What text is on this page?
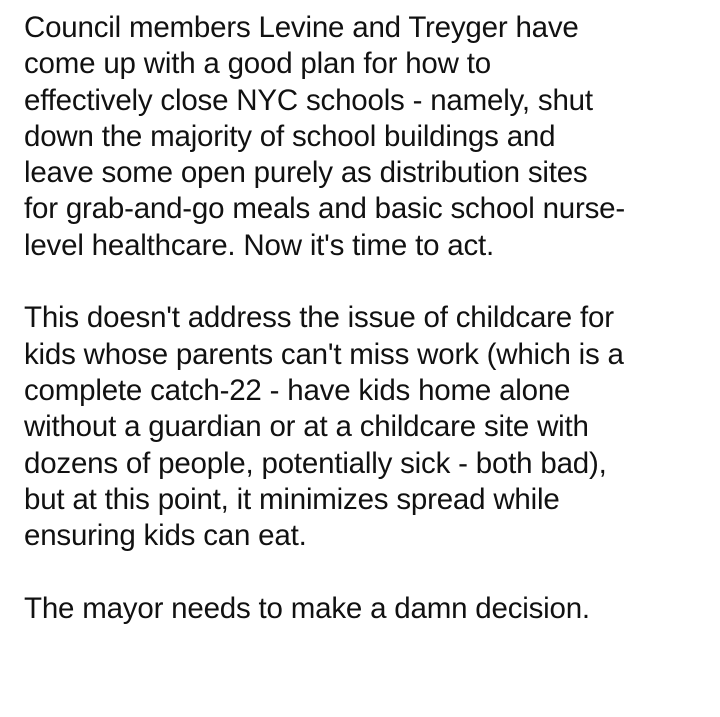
Council members Levine and Treyger have
come up with a good plan for how to
effectively close NYC schools - namely, shut
down the majority of school buildings and
leave some open purely as distribution sites
for grab-and-go meals and basic school nurse-
level healthcare. Now it's time to act.
This doesn't address the issue of childcare for
kids whose parents can't miss work (which is a
complete catch-22 - have kids home alone
without a guardian or at a childcare site with
dozens of people, potentially sick - both bad),
but at this point, it minimizes spread while
ensuring kids can eat.
The mayor needs to make a damn decision.
